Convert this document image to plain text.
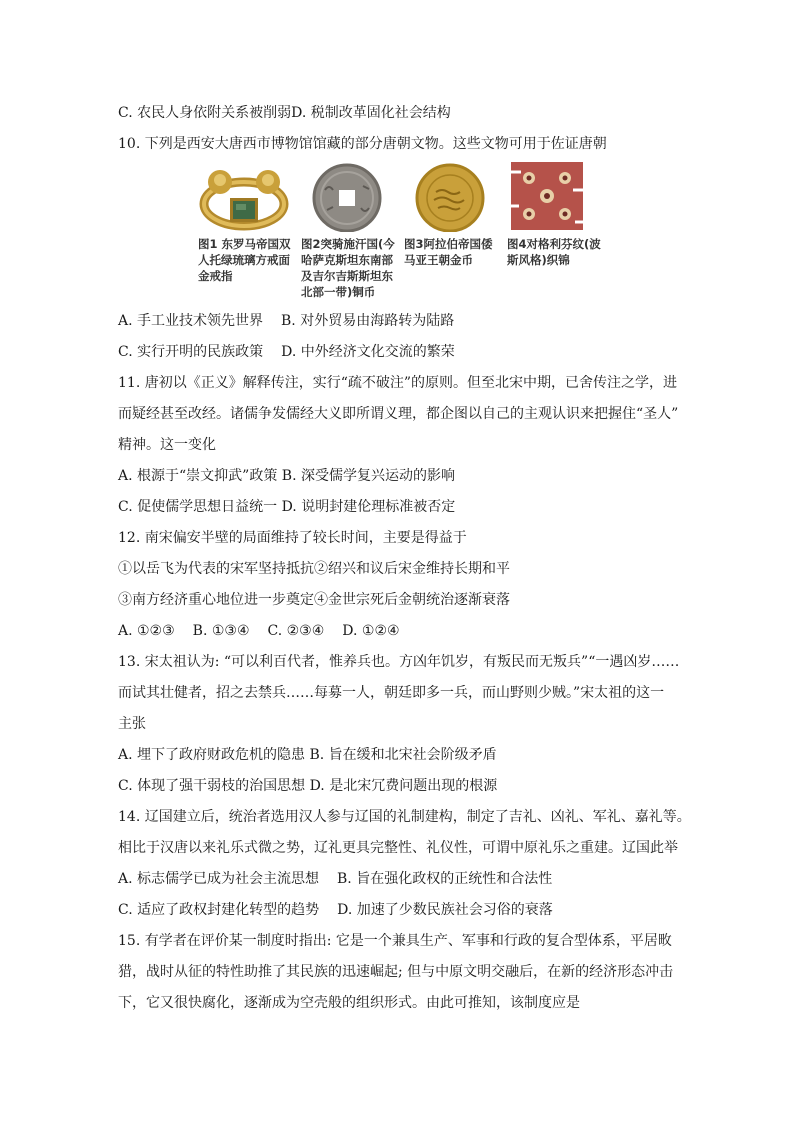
C. 农民人身依附关系被削弱D. 税制改革固化社会结构
10. 下列是西安大唐西市博物馆馆藏的部分唐朝文物。这些文物可用于佐证唐朝
图1 东罗马帝国双人托绿琉璃方戒面金戒指
图2突骑施汗国(今哈萨克斯坦东南部及吉尔吉斯斯坦东北部一带)铜币
图3阿拉伯帝国倭马亚王朝金币
图4对格利芬纹(波斯风格)织锦
A. 手工业技术领先世界 B. 对外贸易由海路转为陆路
C. 实行开明的民族政策 D. 中外经济文化交流的繁荣
11. 唐初以《正义》解释传注，实行“疏不破注”的原则。但至北宋中期，已舍传注之学，进
而疑经甚至改经。诸儒争发儒经大义即所谓义理，都企图以自己的主观认识来把握住“圣人”
精神。这一变化
A. 根源于“崇文抑武”政策 B. 深受儒学复兴运动的影响
C. 促使儒学思想日益统一 D. 说明封建伦理标准被否定
12. 南宋偏安半壁的局面维持了较长时间，主要是得益于
①以岳飞为代表的宋军坚持抵抗②绍兴和议后宋金维持长期和平
③南方经济重心地位进一步奠定④金世宗死后金朝统治逐渐衰落
A. ①②③ B. ①③④ C. ②③④ D. ①②④
13. 宋太祖认为: “可以利百代者，惟养兵也。方凶年饥岁，有叛民而无叛兵”“一遇凶岁……
而试其壮健者，招之去禁兵……每募一人，朝廷即多一兵，而山野则少贼。”宋太祖的这一
主张
A. 埋下了政府财政危机的隐患 B. 旨在缓和北宋社会阶级矛盾
C. 体现了强干弱枝的治国思想 D. 是北宋冗费问题出现的根源
14. 辽国建立后，统治者选用汉人参与辽国的礼制建构，制定了吉礼、凶礼、军礼、嘉礼等。
相比于汉唐以来礼乐式微之势，辽礼更具完整性、礼仪性，可谓中原礼乐之重建。辽国此举
A. 标志儒学已成为社会主流思想 B. 旨在强化政权的正统性和合法性
C. 适应了政权封建化转型的趋势 D. 加速了少数民族社会习俗的衰落
15. 有学者在评价某一制度时指出: 它是一个兼具生产、军事和行政的复合型体系，平居畋
猎，战时从征的特性助推了其民族的迅速崛起; 但与中原文明交融后，在新的经济形态冲击
下，它又很快腐化，逐渐成为空壳般的组织形式。由此可推知，该制度应是
